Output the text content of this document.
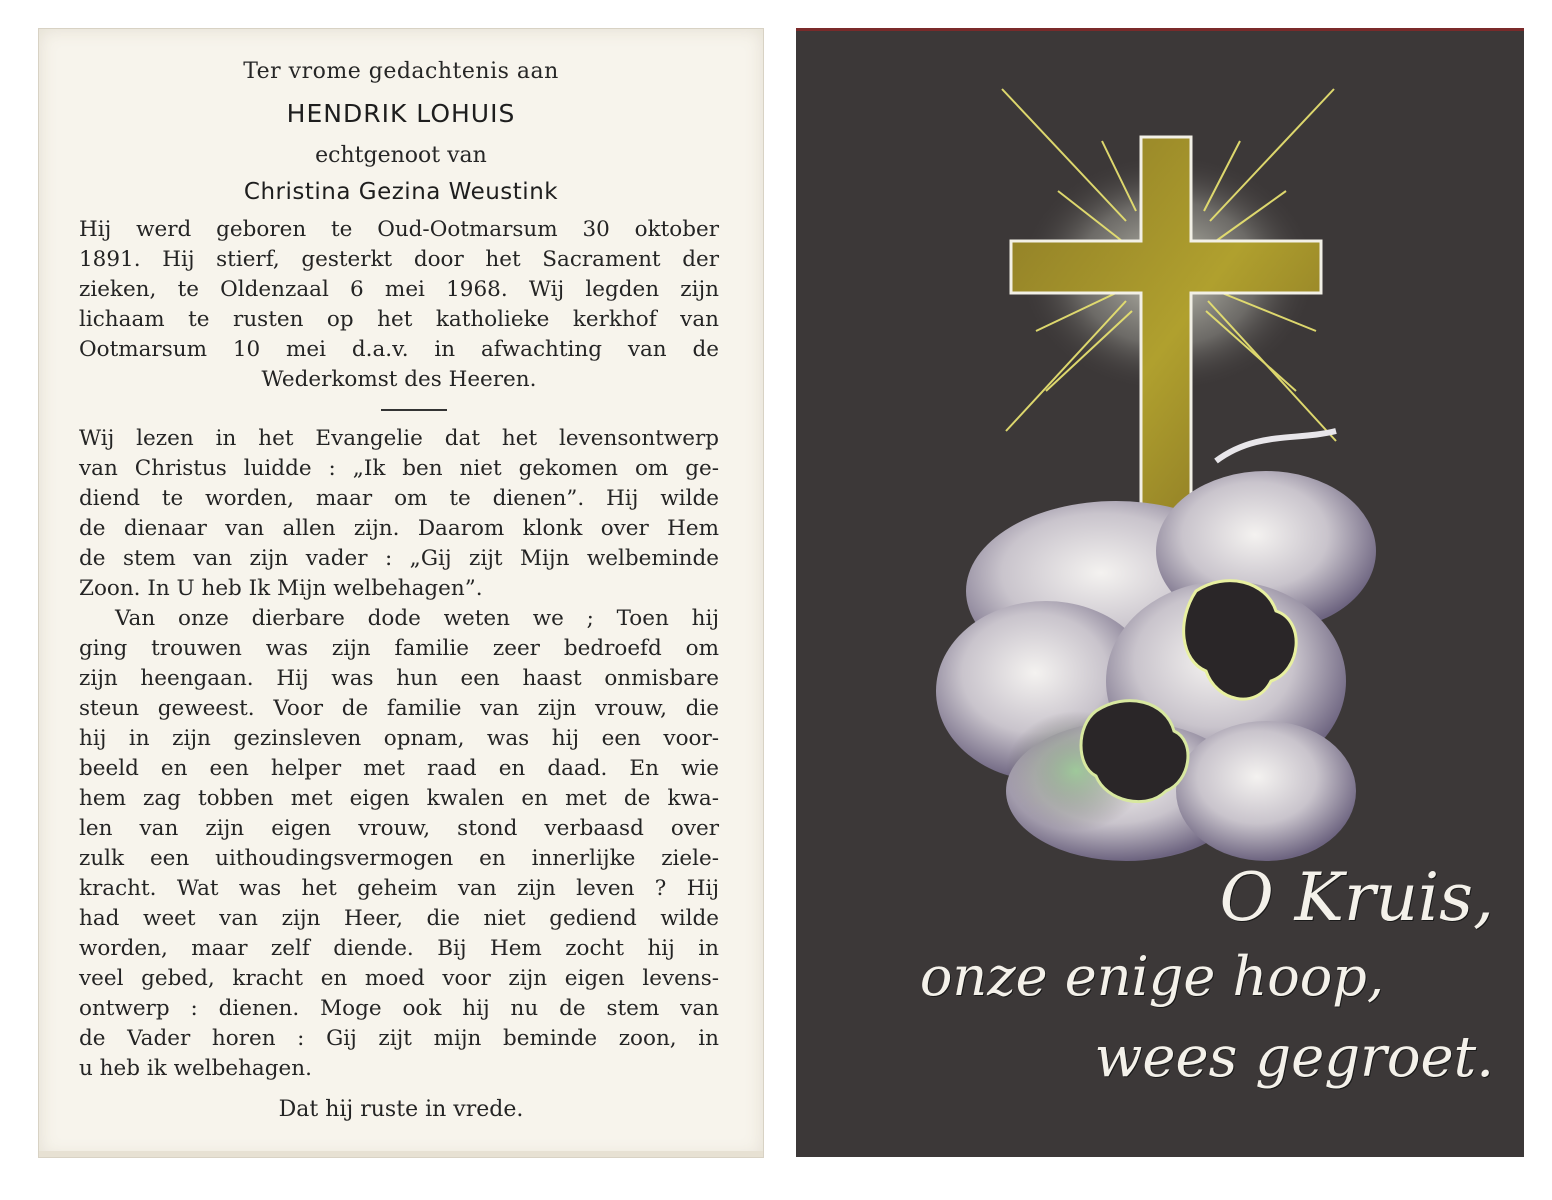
Ter vrome gedachtenis aan
HENDRIK LOHUIS
echtgenoot van
Christina Gezina Weustink
Hij werd geboren te Oud-Ootmarsum 30 oktober
1891. Hij stierf, gesterkt door het Sacrament der
zieken, te Oldenzaal 6 mei 1968. Wij legden zijn
lichaam te rusten op het katholieke kerkhof van
Ootmarsum 10 mei d.a.v. in afwachting van de
Wederkomst des Heeren.
Wij lezen in het Evangelie dat het levensontwerp
van Christus luidde : „Ik ben niet gekomen om ge-
diend te worden, maar om te dienen”. Hij wilde
de dienaar van allen zijn. Daarom klonk over Hem
de stem van zijn vader : „Gij zijt Mijn welbeminde
Zoon. In U heb Ik Mijn welbehagen”.
Van onze dierbare dode weten we ; Toen hij
ging trouwen was zijn familie zeer bedroefd om
zijn heengaan. Hij was hun een haast onmisbare
steun geweest. Voor de familie van zijn vrouw, die
hij in zijn gezinsleven opnam, was hij een voor-
beeld en een helper met raad en daad. En wie
hem zag tobben met eigen kwalen en met de kwa-
len van zijn eigen vrouw, stond verbaasd over
zulk een uithoudingsvermogen en innerlijke ziele-
kracht. Wat was het geheim van zijn leven ? Hij
had weet van zijn Heer, die niet gediend wilde
worden, maar zelf diende. Bij Hem zocht hij in
veel gebed, kracht en moed voor zijn eigen levens-
ontwerp : dienen. Moge ook hij nu de stem van
de Vader horen : Gij zijt mijn beminde zoon, in
u heb ik welbehagen.
Dat hij ruste in vrede.
O Kruis,
onze enige hoop,
wees gegroet.
